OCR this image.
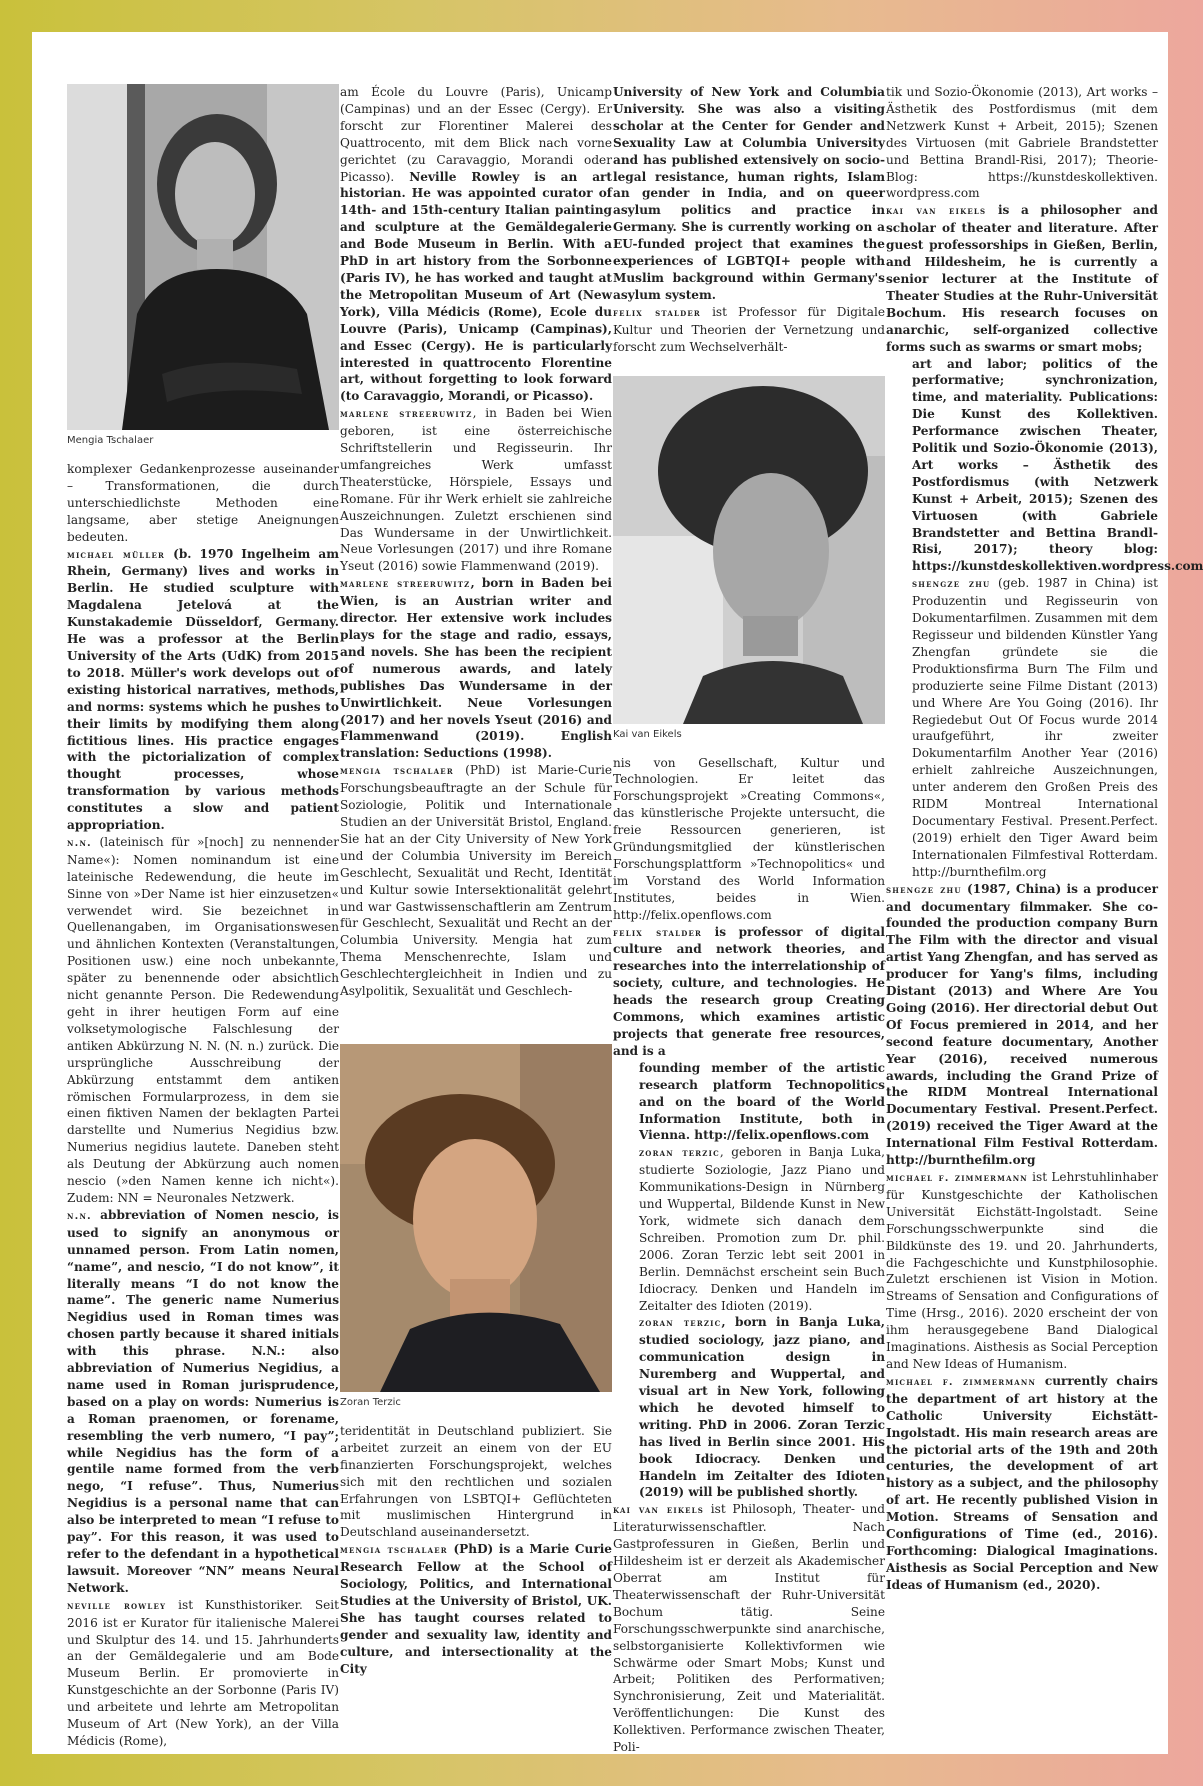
Mengia Tschalaer

komplexer Gedankenprozesse auseinander – Transformationen, die durch unterschiedlichste Methoden eine langsame, aber stetige Aneignungen bedeuten.

michael müller (b. 1970 Ingelheim am Rhein, Germany) lives and works in Berlin. He studied sculpture with Magdalena Jetelová at the Kunstakademie Düsseldorf, Germany. He was a professor at the Berlin University of the Arts (UdK) from 2015 to 2018. Müller's work develops out of existing historical narratives, methods, and norms: systems which he pushes to their limits by modifying them along fictitious lines. His practice engages with the pictorialization of complex thought processes, whose transformation by various methods constitutes a slow and patient appropriation.

n.n. (lateinisch für »[noch] zu nennender Name«): Nomen nominandum ist eine lateinische Redewendung, die heute im Sinne von »Der Name ist hier einzusetzen« verwendet wird. Sie bezeichnet in Quellenangaben, im Organisationswesen und ähnlichen Kontexten (Veranstaltungen, Positionen usw.) eine noch unbekannte, später zu benennende oder absichtlich nicht genannte Person. Die Redewendung geht in ihrer heutigen Form auf eine volksetymologische Falschlesung der antiken Abkürzung N. N. (N. n.) zurück. Die ursprüngliche Ausschreibung der Abkürzung entstammt dem antiken römischen Formularprozess, in dem sie einen fiktiven Namen der beklagten Partei darstellte und Numerius Negidius bzw. Numerius negidius lautete. Daneben steht als Deutung der Abkürzung auch nomen nescio (»den Namen kenne ich nicht«). Zudem: NN = Neuronales Netzwerk.

n.n. abbreviation of Nomen nescio, is used to signify an anonymous or unnamed person. From Latin nomen, “name”, and nescio, “I do not know”, it literally means “I do not know the name”. The generic name Numerius Negidius used in Roman times was chosen partly because it shared initials with this phrase. N.N.: also abbreviation of Numerius Negidius, a name used in Roman jurisprudence, based on a play on words: Numerius is a Roman praenomen, or forename, resembling the verb numero, “I pay”; while Negidius has the form of a gentile name formed from the verb nego, “I refuse”. Thus, Numerius Negidius is a personal name that can also be interpreted to mean “I refuse to pay”. For this reason, it was used to refer to the defendant in a hypothetical lawsuit. Moreover “NN” means Neural Network.

neville rowley ist Kunsthistoriker. Seit 2016 ist er Kurator für italienische Malerei und Skulptur des 14. und 15. Jahrhunderts an der Gemäldegalerie und am Bode Museum Berlin. Er promovierte in Kunstgeschichte an der Sorbonne (Paris IV) und arbeitete und lehrte am Metropolitan Museum of Art (New York), an der Villa Médicis (Rome),

am École du Louvre (Paris), Unicamp (Campinas) und an der Essec (Cergy). Er forscht zur Florentiner Malerei des Quattrocento, mit dem Blick nach vorne gerichtet (zu Caravaggio, Morandi oder Picasso). Neville Rowley is an art historian. He was appointed curator of 14th- and 15th-century Italian painting and sculpture at the Gemäldegalerie and Bode Museum in Berlin. With a PhD in art history from the Sorbonne (Paris IV), he has worked and taught at the Metropolitan Museum of Art (New York), Villa Médicis (Rome), Ecole du Louvre (Paris), Unicamp (Campinas), and Essec (Cergy). He is particularly interested in quattrocento Florentine art, without forgetting to look forward (to Caravaggio, Morandi, or Picasso).

marlene streeruwitz, in Baden bei Wien geboren, ist eine österreichische Schriftstellerin und Regisseurin. Ihr umfangreiches Werk umfasst Theaterstücke, Hörspiele, Essays und Romane. Für ihr Werk erhielt sie zahlreiche Auszeichnungen. Zuletzt erschienen sind Das Wundersame in der Unwirtlichkeit. Neue Vorlesungen (2017) und ihre Romane Yseut (2016) sowie Flammenwand (2019).

marlene streeruwitz, born in Baden bei Wien, is an Austrian writer and director. Her extensive work includes plays for the stage and radio, essays, and novels. She has been the recipient of numerous awards, and lately publishes Das Wundersame in der Unwirtlichkeit. Neue Vorlesungen (2017) and her novels Yseut (2016) and Flammenwand (2019). English translation: Seductions (1998).

mengia tschalaer (PhD) ist Marie-Curie Forschungsbeauftragte an der Schule für Soziologie, Politik und Internationale Studien an der Universität Bristol, England. Sie hat an der City University of New York und der Columbia University im Bereich Geschlecht, Sexualität und Recht, Identität und Kultur sowie Intersektionalität gelehrt und war Gastwissenschaftlerin am Zentrum für Geschlecht, Sexualität und Recht an der Columbia University. Mengia hat zum Thema Menschenrechte, Islam und Geschlechtergleichheit in Indien und zu Asylpolitik, Sexualität und Geschlech-

Zoran Terzic

teridentität in Deutschland publiziert. Sie arbeitet zurzeit an einem von der EU finanzierten Forschungsprojekt, welches sich mit den rechtlichen und sozialen Erfahrungen von LSBTQI+ Geflüchteten mit muslimischen Hintergrund in Deutschland auseinandersetzt.

mengia tschalaer (PhD) is a Marie Curie Research Fellow at the School of Sociology, Politics, and International Studies at the University of Bristol, UK. She has taught courses related to gender and sexuality law, identity and culture, and intersectionality at the City

University of New York and Columbia University. She was also a visiting scholar at the Center for Gender and Sexuality Law at Columbia University and has published extensively on socio-legal resistance, human rights, Islam an gender in India, and on queer asylum politics and practice in Germany. She is currently working on a EU-funded project that examines the experiences of LGBTQI+ people with Muslim background within Germany's asylum system.

felix stalder ist Professor für Digitale Kultur und Theorien der Vernetzung und forscht zum Wechselverhält-

Kai van Eikels

nis von Gesellschaft, Kultur und Technologien. Er leitet das Forschungsprojekt »Creating Commons«, das künstlerische Projekte untersucht, die freie Ressourcen generieren, ist Gründungsmitglied der künstlerischen Forschungsplattform »Technopolitics« und im Vorstand des World Information Institutes, beides in Wien. http://felix.openflows.com

felix stalder is professor of digital culture and network theories, and researches into the interrelationship of society, culture, and technologies. He heads the research group Creating Commons, which examines artistic projects that generate free resources, and is a

founding member of the artistic research platform Technopolitics and on the board of the World Information Institute, both in Vienna. http://felix.openflows.com

zoran terzic, geboren in Banja Luka, studierte Soziologie, Jazz Piano und Kommunikations-Design in Nürnberg und Wuppertal, Bildende Kunst in New York, widmete sich danach dem Schreiben. Promotion zum Dr. phil. 2006. Zoran Terzic lebt seit 2001 in Berlin. Demnächst erscheint sein Buch Idiocracy. Denken und Handeln im Zeitalter des Idioten (2019).

zoran terzic, born in Banja Luka, studied sociology, jazz piano, and communication design in Nuremberg and Wuppertal, and visual art in New York, following which he devoted himself to writing. PhD in 2006. Zoran Terzic has lived in Berlin since 2001. His book Idiocracy. Denken und Handeln im Zeitalter des Idioten (2019) will be published shortly.

kai van eikels ist Philosoph, Theater- und Literaturwissenschaftler. Nach Gastprofessuren in Gießen, Berlin und Hildesheim ist er derzeit als Akademischer Oberrat am Institut für Theaterwissenschaft der Ruhr-Universität Bochum tätig. Seine Forschungsschwerpunkte sind anarchische, selbstorganisierte Kollektivformen wie Schwärme oder Smart Mobs; Kunst und Arbeit; Politiken des Performativen; Synchronisierung, Zeit und Materialität. Veröffentlichungen: Die Kunst des Kollektiven. Performance zwischen Theater, Poli-

tik und Sozio-Ökonomie (2013), Art works – Ästhetik des Postfordismus (mit dem Netzwerk Kunst + Arbeit, 2015); Szenen des Virtuosen (mit Gabriele Brandstetter und Bettina Brandl-Risi, 2017); Theorie-Blog: https://kunstdeskollektiven. wordpress.com

kai van eikels is a philosopher and scholar of theater and literature. After guest professorships in Gießen, Berlin, and Hildesheim, he is currently a senior lecturer at the Institute of Theater Studies at the Ruhr-Universität Bochum. His research focuses on anarchic, self-organized collective forms such as swarms or smart mobs;

art and labor; politics of the performative; synchronization, time, and materiality. Publications: Die Kunst des Kollektiven. Performance zwischen Theater, Politik und Sozio-Ökonomie (2013), Art works – Ästhetik des Postfordismus (with Netzwerk Kunst + Arbeit, 2015); Szenen des Virtuosen (with Gabriele Brandstetter and Bettina Brandl-Risi, 2017); theory blog: https://kunstdeskollektiven.wordpress.com

shengze zhu (geb. 1987 in China) ist Produzentin und Regisseurin von Dokumentarfilmen. Zusammen mit dem Regisseur und bildenden Künstler Yang Zhengfan gründete sie die Produktionsfirma Burn The Film und produzierte seine Filme Distant (2013) und Where Are You Going (2016). Ihr Regiedebut Out Of Focus wurde 2014 uraufgeführt, ihr zweiter Dokumentarfilm Another Year (2016) erhielt zahlreiche Auszeichnungen, unter anderem den Großen Preis des RIDM Montreal International Documentary Festival. Present.Perfect. (2019) erhielt den Tiger Award beim Internationalen Filmfestival Rotterdam. http://burnthefilm.org

shengze zhu (1987, China) is a producer and documentary filmmaker. She co-founded the production company Burn The Film with the director and visual artist Yang Zhengfan, and has served as producer for Yang's films, including Distant (2013) and Where Are You Going (2016). Her directorial debut Out Of Focus premiered in 2014, and her second feature documentary, Another Year (2016), received numerous awards, including the Grand Prize of the RIDM Montreal International Documentary Festival. Present.Perfect. (2019) received the Tiger Award at the International Film Festival Rotterdam. http://burnthefilm.org

michael f. zimmermann ist Lehrstuhlinhaber für Kunstgeschichte der Katholischen Universität Eichstätt-Ingolstadt. Seine Forschungsschwerpunkte sind die Bildkünste des 19. und 20. Jahrhunderts, die Fachgeschichte und Kunstphilosophie. Zuletzt erschienen ist Vision in Motion. Streams of Sensation and Configurations of Time (Hrsg., 2016). 2020 erscheint der von ihm herausgegebene Band Dialogical Imaginations. Aisthesis as Social Perception and New Ideas of Humanism.

michael f. zimmermann currently chairs the department of art history at the Catholic University Eichstätt-Ingolstadt. His main research areas are the pictorial arts of the 19th and 20th centuries, the development of art history as a subject, and the philosophy of art. He recently published Vision in Motion. Streams of Sensation and Configurations of Time (ed., 2016). Forthcoming: Dialogical Imaginations. Aisthesis as Social Perception and New Ideas of Humanism (ed., 2020).
